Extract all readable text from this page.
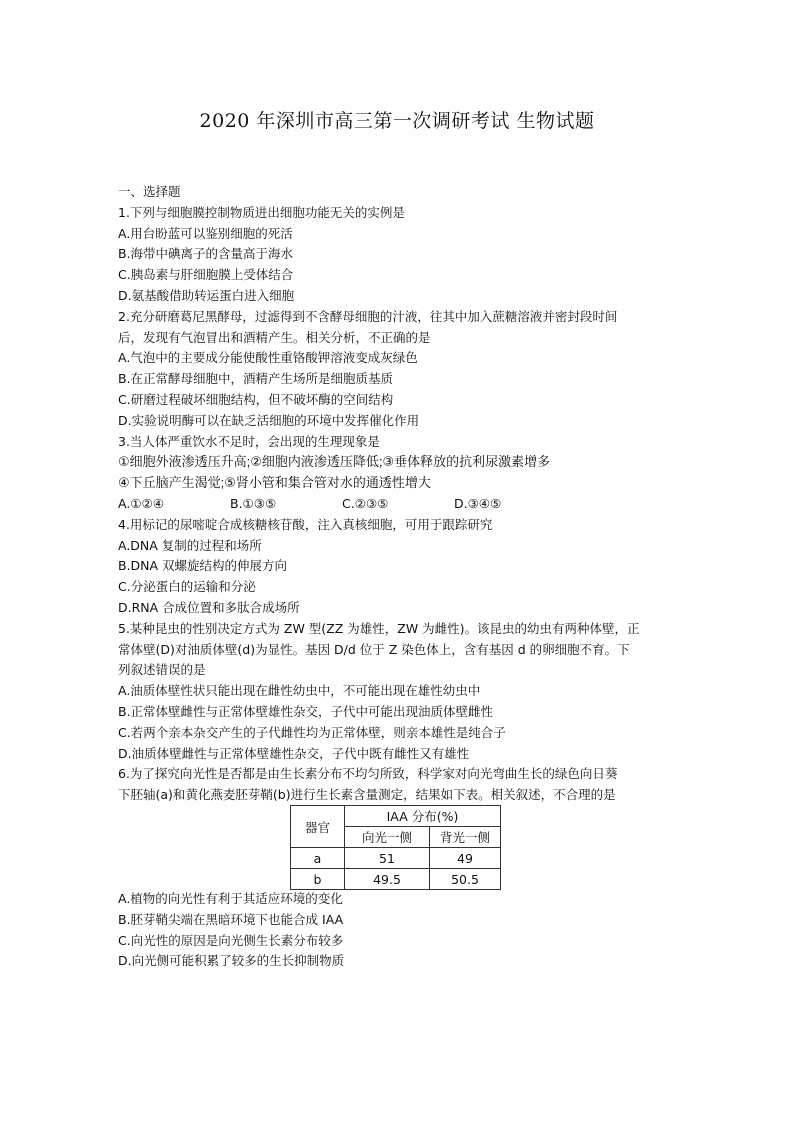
2020 年深圳市高三第一次调研考试 生物试题
一、选择题
1.下列与细胞膜控制物质进出细胞功能无关的实例是
A.用台盼蓝可以鉴别细胞的死活
B.海带中碘离子的含量高于海水
C.胰岛素与肝细胞膜上受体结合
D.氨基酸借助转运蛋白进入细胞
2.充分研磨葛尼黑酵母，过滤得到不含酵母细胞的汁液，往其中加入蔗糖溶液并密封段时间
后，发现有气泡冒出和酒精产生。相关分析，不正确的是
A.气泡中的主要成分能使酸性重铬酸钾溶液变成灰绿色
B.在正常酵母细胞中，酒精产生场所是细胞质基质
C.研磨过程破坏细胞结构，但不破坏酶的空间结构
D.实验说明酶可以在缺乏活细胞的环境中发挥催化作用
3.当人体严重饮水不足时，会出现的生理现象是
①细胞外液渗透压升高;②细胞内液渗透压降低;③垂体释放的抗利尿激素增多
④下丘脑产生渴觉;⑤肾小管和集合管对水的通透性增大
A.①②④	B.①③⑤	C.②③⑤	D.③④⑤
4.用标记的尿嘧啶合成核糖核苷酸，注入真核细胞，可用于跟踪研究
A.DNA 复制的过程和场所
B.DNA 双螺旋结构的伸展方向
C.分泌蛋白的运输和分泌
D.RNA 合成位置和多肽合成场所
5.某种昆虫的性别决定方式为 ZW 型(ZZ 为雄性，ZW 为雌性)。该昆虫的幼虫有两种体壁，正
常体壁(D)对油质体壁(d)为显性。基因 D/d 位于 Z 染色体上，含有基因 d 的卵细胞不育。下
列叙述错误的是
A.油质体壁性状只能出现在雌性幼虫中，不可能出现在雄性幼虫中
B.正常体壁雌性与正常体壁雄性杂交，子代中可能出现油质体壁雌性
C.若两个亲本杂交产生的子代雌性均为正常体壁，则亲本雄性是纯合子
D.油质体壁雌性与正常体壁雄性杂交，子代中既有雌性又有雄性
6.为了探究向光性是否都是由生长素分布不均匀所致，科学家对向光弯曲生长的绿色向日葵
下胚轴(a)和黄化燕麦胚芽鞘(b)进行生长素含量测定，结果如下表。相关叙述，不合理的是
器官	IAA 分布(%)	
	向光一侧	背光一侧
a	51	49
b	49.5	50.5
A.植物的向光性有利于其适应环境的变化
B.胚芽鞘尖端在黑暗环境下也能合成 IAA
C.向光性的原因是向光侧生长素分布较多
D.向光侧可能积累了较多的生长抑制物质
